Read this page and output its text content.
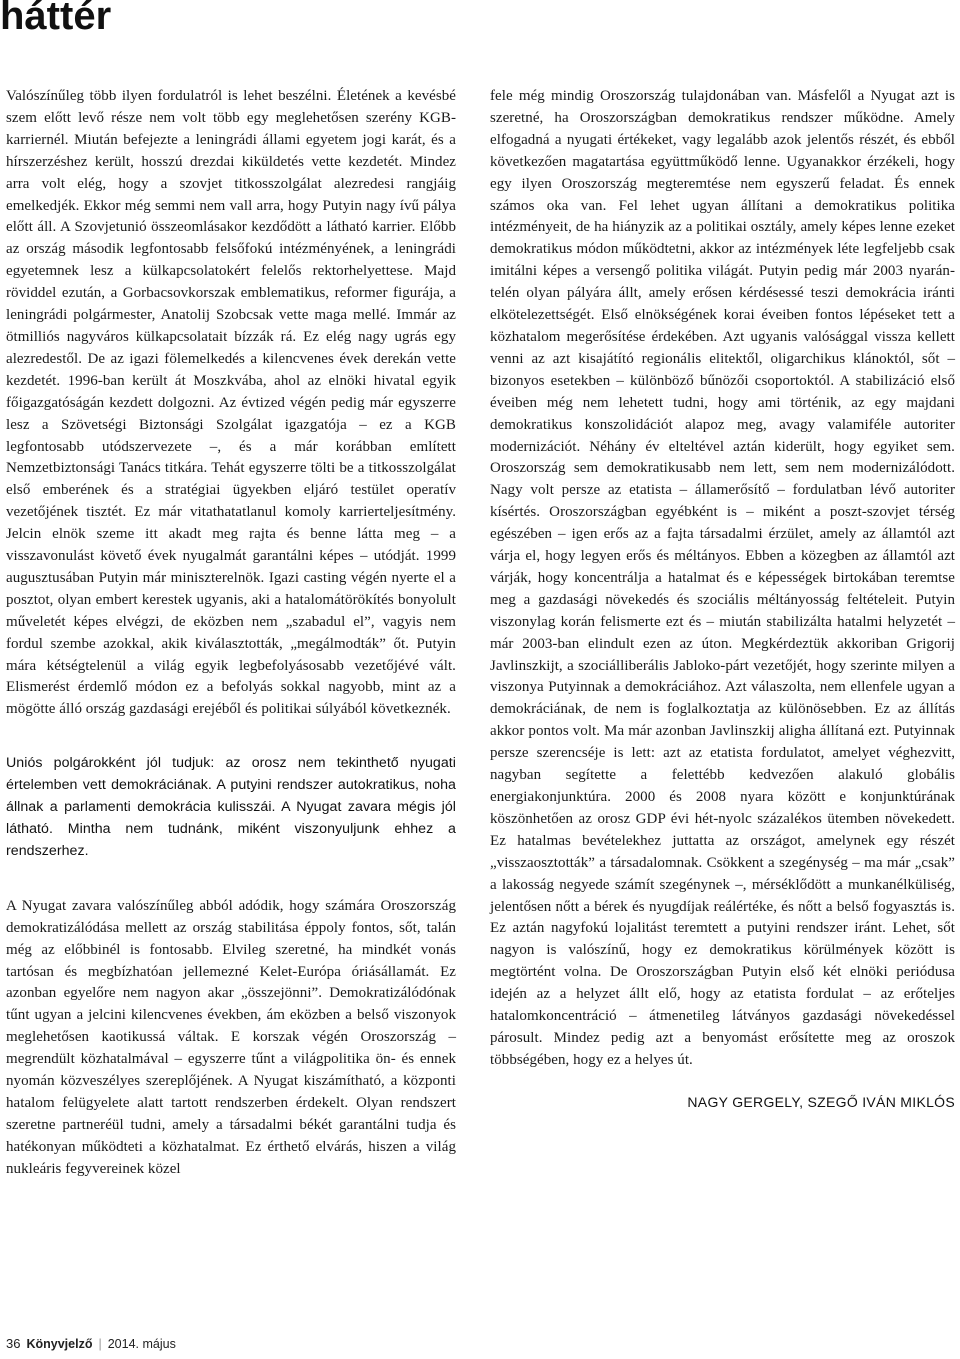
háttér

Valószínűleg több ilyen fordulatról is lehet beszélni. Életének a kevésbé szem előtt levő része nem volt több egy meglehetősen szerény KGB-karriernél. Miután befejezte a leningrádi állami egyetem jogi karát, és a hírszerzéshez került, hosszú drezdai kiküldetés vette kezdetét. Mindez arra volt elég, hogy a szovjet titkosszolgálat alezredesi rangjáig emelkedjék. Ekkor még semmi nem vall arra, hogy Putyin nagy ívű pálya előtt áll. A Szovjetunió összeomlásakor kezdődött a látható karrier. Előbb az ország második legfontosabb felsőfokú intézményének, a leningrádi egyetemnek lesz a külkapcsolatokért felelős rektorhelyettese. Majd röviddel ezután, a Gorbacsovkorszak emblematikus, reformer figurája, a leningrádi polgármester, Anatolij Szobcsak vette maga mellé. Immár az ötmilliós nagyváros külkapcsolatait bízzák rá. Ez elég nagy ugrás egy alezredestől. De az igazi fölemelkedés a kilencvenes évek derekán vette kezdetét. 1996-ban került át Moszkvába, ahol az elnöki hivatal egyik főigazgatóságán kezdett dolgozni. Az évtized végén pedig már egyszerre lesz a Szövetségi Biztonsági Szolgálat igazgatója – ez a KGB legfontosabb utódszervezete –, és a már korábban említett Nemzetbiztonsági Tanács titkára. Tehát egyszerre tölti be a titkosszolgálat első emberének és a stratégiai ügyekben eljáró testület operatív vezetőjének tisztét. Ez már vitathatatlanul komoly karrierteljesítmény. Jelcin elnök szeme itt akadt meg rajta és benne látta meg – a visszavonulást követő évek nyugalmát garantálni képes – utódját. 1999 augusztusában Putyin már miniszterelnök. Igazi casting végén nyerte el a posztot, olyan embert kerestek ugyanis, aki a hatalomátörökítés bonyolult műveletét képes elvégzi, de eközben nem „szabadul el”, vagyis nem fordul szembe azokkal, akik kiválasztották, „megálmodták” őt. Putyin mára kétségtelenül a világ egyik legbefolyásosabb vezetőjévé vált. Elismerést érdemlő módon ez a befolyás sokkal nagyobb, mint az a mögötte álló ország gazdasági erejéből és politikai súlyából következnék.

Uniós polgárokként jól tudjuk: az orosz nem tekinthető nyugati értelemben vett demokráciának. A putyini rendszer autokratikus, noha állnak a parlamenti demokrácia kulisszái. A Nyugat zavara mégis jól látható. Mintha nem tudnánk, miként viszonyuljunk ehhez a rendszerhez.

A Nyugat zavara valószínűleg abból adódik, hogy számára Oroszország demokratizálódása mellett az ország stabilitása éppoly fontos, sőt, talán még az előbbinél is fontosabb. Elvileg szeretné, ha mindkét vonás tartósan és megbízhatóan jellemezné Kelet-Európa óriásállamát. Ez azonban egyelőre nem nagyon akar „összejönni”. Demokratizálódónak tűnt ugyan a jelcini kilencvenes években, ám eközben a belső viszonyok meglehetősen kaotikussá váltak. E korszak végén Oroszország – megrendült közhatalmával – egyszerre tűnt a világpolitika ön- és ennek nyomán közveszélyes szereplőjének. A Nyugat kiszámítható, a központi hatalom felügyelete alatt tartott rendszerben érdekelt. Olyan rendszert szeretne partneréül tudni, amely a társadalmi békét garantálni tudja és hatékonyan működteti a közhatalmat. Ez érthető elvárás, hiszen a világ nukleáris fegyvereinek közel

fele még mindig Oroszország tulajdonában van. Másfelől a Nyugat azt is szeretné, ha Oroszországban demokratikus rendszer működne. Amely elfogadná a nyugati értékeket, vagy legalább azok jelentős részét, és ebből következően magatartása együttműködő lenne. Ugyanakkor érzékeli, hogy egy ilyen Oroszország megteremtése nem egyszerű feladat. És ennek számos oka van. Fel lehet ugyan állítani a demokratikus politika intézményeit, de ha hiányzik az a politikai osztály, amely képes lenne ezeket demokratikus módon működtetni, akkor az intézmények léte legfeljebb csak imitálni képes a versengő politika világát. Putyin pedig már 2003 nyarán-telén olyan pályára állt, amely erősen kérdésessé teszi demokrácia iránti elkötelezettségét. Első elnökségének korai éveiben fontos lépéseket tett a közhatalom megerősítése érdekében. Azt ugyanis valósággal vissza kellett venni az azt kisajátító regionális elitektől, oligarchikus klánoktól, sőt – bizonyos esetekben – különböző bűnözői csoportoktól. A stabilizáció első éveiben még nem lehetett tudni, hogy ami történik, az egy majdani demokratikus konszolidációt alapoz meg, avagy valamiféle autoriter modernizációt. Néhány év elteltével aztán kiderült, hogy egyiket sem. Oroszország sem demokratikusabb nem lett, sem nem modernizálódott. Nagy volt persze az etatista – államerősítő – fordulatban lévő autoriter kísértés. Oroszországban egyébként is – miként a poszt-szovjet térség egészében – igen erős az a fajta társadalmi érzület, amely az államtól azt várja el, hogy legyen erős és méltányos. Ebben a közegben az államtól azt várják, hogy koncentrálja a hatalmat és e képességek birtokában teremtse meg a gazdasági növekedés és szociális méltányosság feltételeit. Putyin viszonylag korán felismerte ezt és – miután stabilizálta hatalmi helyzetét – már 2003-ban elindult ezen az úton. Megkérdeztük akkoriban Grigorij Javlinszkijt, a szociálliberális Jabloko-párt vezetőjét, hogy szerinte milyen a viszonya Putyinnak a demokráciához. Azt válaszolta, nem ellenfele ugyan a demokráciának, de nem is foglalkoztatja az különösebben. Ez az állítás akkor pontos volt. Ma már azonban Javlinszkij aligha állítaná ezt. Putyinnak persze szerencséje is lett: azt az etatista fordulatot, amelyet véghezvitt, nagyban segítette a felettébb kedvezően alakuló globális energiakonjunktúra. 2000 és 2008 nyara között e konjunktúrának köszönhetően az orosz GDP évi hét-nyolc százalékos ütemben növekedett. Ez hatalmas bevételekhez juttatta az országot, amelynek egy részét „visszaosztották” a társadalomnak. Csökkent a szegénység – ma már „csak” a lakosság negyede számít szegénynek –, mérséklődött a munkanélküliség, jelentősen nőtt a bérek és nyugdíjak reálértéke, és nőtt a belső fogyasztás is. Ez aztán nagyfokú lojalitást teremtett a putyini rendszer iránt. Lehet, sőt nagyon is valószínű, hogy ez demokratikus körülmények között is megtörtént volna. De Oroszországban Putyin első két elnöki periódusa idején az a helyzet állt elő, hogy az etatista fordulat – az erőteljes hatalomkoncentráció – átmenetileg látványos gazdasági növekedéssel párosult. Mindez pedig azt a benyomást erősítette meg az oroszok többségében, hogy ez a helyes út.

NAGY GERGELY, SZEGŐ IVÁN MIKLÓS
36 Könyvjelző | 2014. május
